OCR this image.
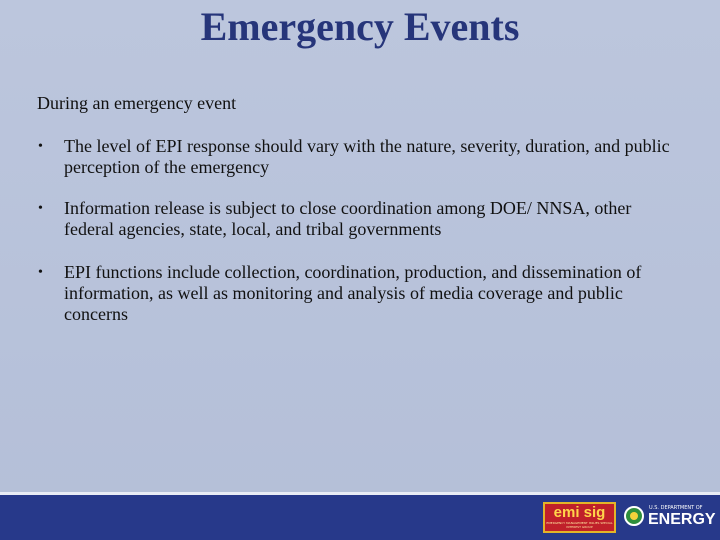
Emergency Events
During an emergency event
• The level of EPI response should vary with the nature, severity, duration, and public perception of the emergency
• Information release is subject to close coordination among DOE/ NNSA, other federal agencies, state, local, and tribal governments
• EPI functions include collection, coordination, production, and dissemination of information, as well as monitoring and analysis of media coverage and public concerns
emi sig
EMERGENCY MANAGEMENT ISSUES SPECIAL INTEREST GROUP
U.S. DEPARTMENT OF
ENERGY
